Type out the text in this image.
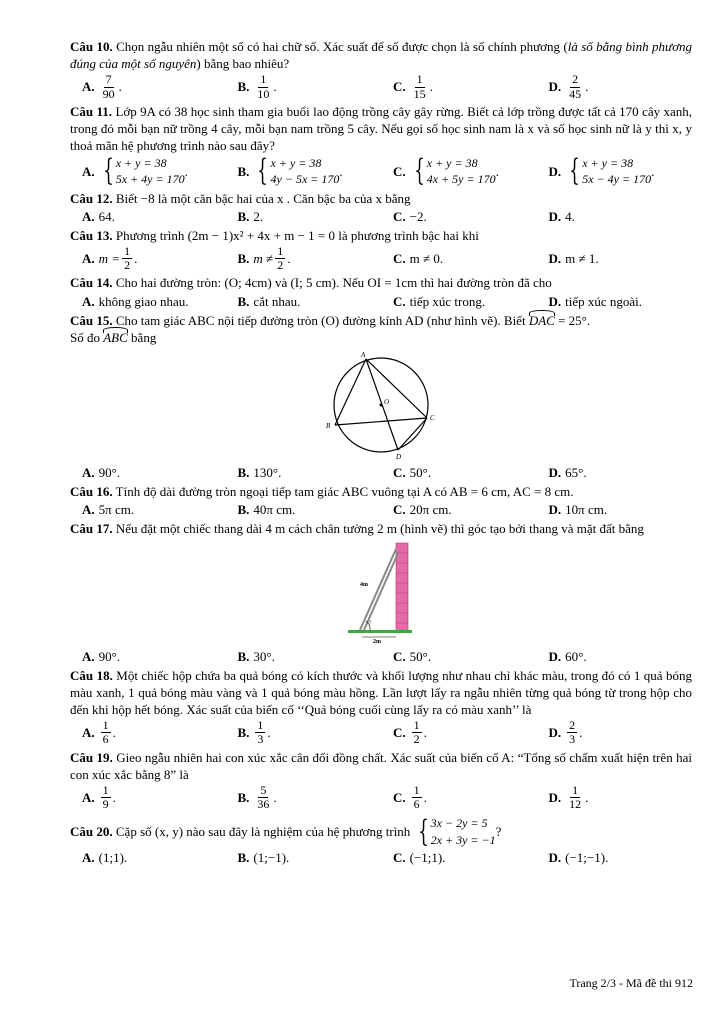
Câu 10. Chọn ngẫu nhiên một số có hai chữ số. Xác suất để số được chọn là số chính phương (là số bằng bình phương đúng của một số nguyên) bằng bao nhiêu?

A. $\frac{7}{90}$ .	B. $\frac{1}{10}$ .	C. $\frac{1}{15}$ .	D. $\frac{2}{45}$ .

Câu 11. Lớp 9A có 38 học sinh tham gia buổi lao động trồng cây gây rừng. Biết cả lớp trồng được tất cả 170 cây xanh, trong đó mỗi bạn nữ trồng 4 cây, mỗi bạn nam trồng 5 cây. Nếu gọi số học sinh nam là x và số học sinh nữ là y thì x, y thoả mãn hệ phương trình nào sau đây?

A. { x + y = 38
5x + 4y = 170
.	B. { x + y = 38
4y − 5x = 170
.	C. { x + y = 38
4x + 5y = 170
.	D. { x + y = 38
5x − 4y = 170
.

Câu 12. Biết −8 là một căn bậc hai của x . Căn bậc ba của x bằng

A. 64.	B. 2.	C. −2.	D. 4.

Câu 13. Phương trình (2m − 1)x² + 4x + m − 1 = 0 là phương trình bậc hai khi

A. $m = \frac{1}{2}$ .	B. $m \ne \frac{1}{2}$ .	C. m ≠ 0.	D. m ≠ 1.

Câu 14. Cho hai đường tròn: (O; 4cm) và (I; 5 cm). Nếu OI = 1cm thì hai đường tròn đã cho

A. không giao nhau.	B. cắt nhau.	C. tiếp xúc trong.	D. tiếp xúc ngoài.

Câu 15. Cho tam giác ABC nội tiếp đường tròn (O) đường kính AD (như hình vẽ). Biết DAC = 25°.
Số đo ABC bằng

A
O
B
C
D
A. 90°.	B. 130°.	C. 50°.	D. 65°.

Câu 16. Tính độ dài đường tròn ngoại tiếp tam giác ABC vuông tại A có AB = 6 cm, AC = 8 cm.

A. 5π cm.	B. 40π cm.	C. 20π cm.	D. 10π cm.

Câu 17. Nếu đặt một chiếc thang dài 4 m cách chân tường 2 m (hình vẽ) thì góc tạo bởi thang và mặt đất bằng

?
4m
2m
A. 90°.	B. 30°.	C. 50°.	D. 60°.

Câu 18. Một chiếc hộp chứa ba quả bóng có kích thước và khối lượng như nhau chỉ khác màu, trong đó có 1 quả bóng màu xanh, 1 quả bóng màu vàng và 1 quả bóng màu hồng. Lần lượt lấy ra ngẫu nhiên từng quả bóng từ trong hộp cho đến khi hộp hết bóng. Xác suất của biến cố ‘‘Quả bóng cuối cùng lấy ra có màu xanh’’ là

A. $\frac{1}{6}$ .	B. $\frac{1}{3}$ .	C. $\frac{1}{2}$ .	D. $\frac{2}{3}$ .

Câu 19. Gieo ngẫu nhiên hai con xúc xắc cân đối đồng chất. Xác suất của biến cố A: “Tổng số chấm xuất hiện trên hai con xúc xắc bằng 8” là

A. $\frac{1}{9}$ .	B. $\frac{5}{36}$ .	C. $\frac{1}{6}$ .	D. $\frac{1}{12}$ .

Câu 20.
Cặp số (x, y) nào sau đây là nghiệm của hệ phương trình
{ 3x − 2y = 5
2x + 3y = −1
?

A. (1;1).	B. (1;−1).	C. (−1;1).	D. (−1;−1).
Trang 2/3 - Mã đề thi 912
